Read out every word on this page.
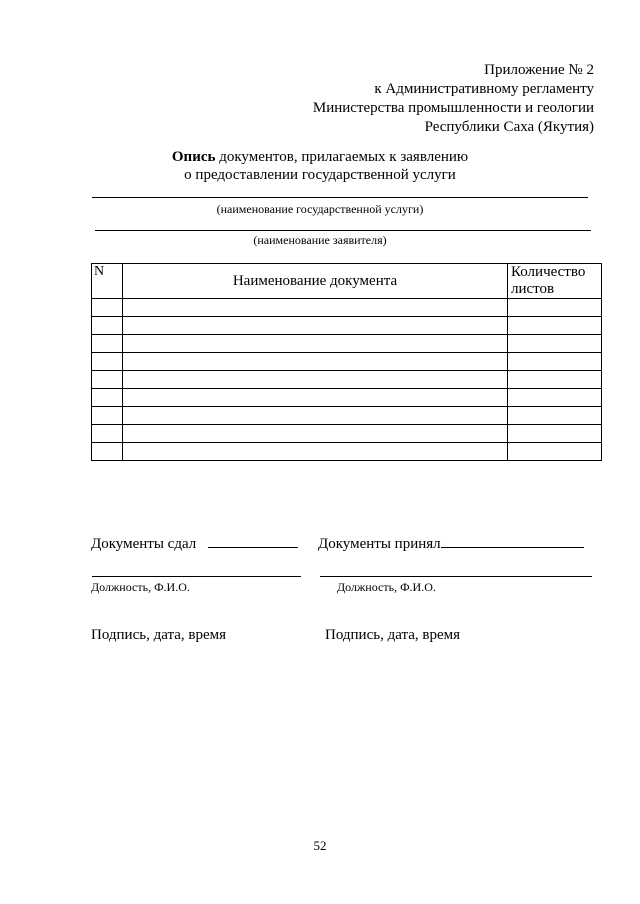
Приложение № 2
к Административному регламенту
Министерства промышленности и геологии
Республики Саха (Якутия)
Опись документов, прилагаемых к заявлению
о предоставлении государственной услуги
(наименование государственной услуги)
(наименование заявителя)
N	Наименование документа	Количество
листов

Документы сдал	Документы принял
Должность, Ф.И.О.	Должность, Ф.И.О.
Подпись, дата, время	Подпись, дата, время
52
